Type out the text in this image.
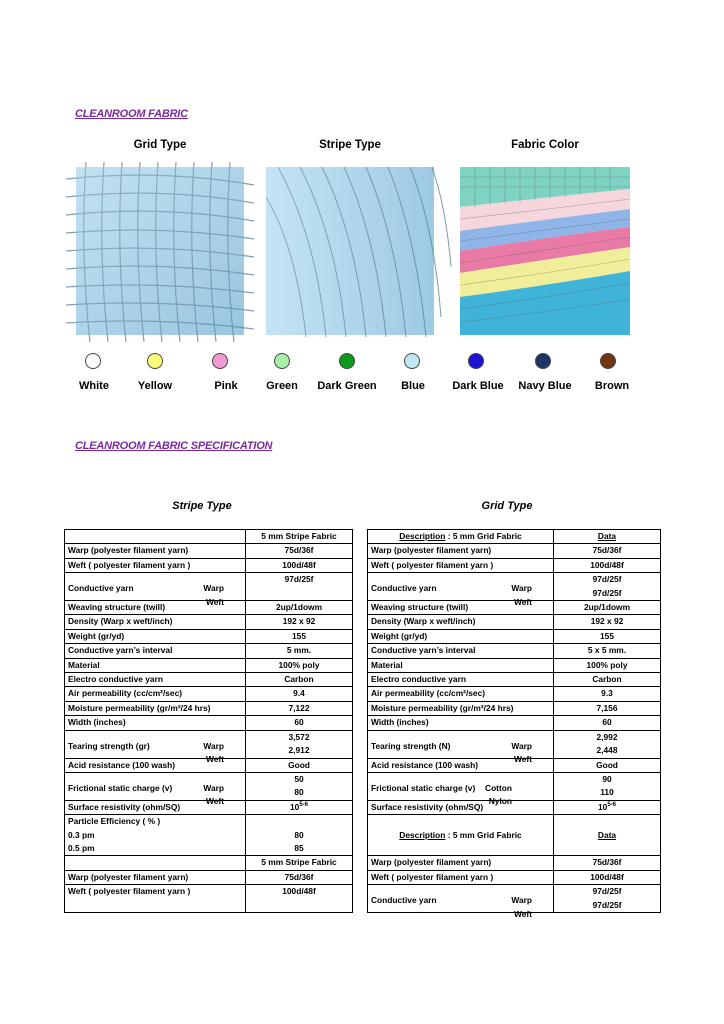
CLEANROOM FABRIC
Grid Type	Stripe Type	Fabric Color
White	Yellow	Pink	Green Dark Green Blue Dark Blue Navy Blue Brown
CLEANROOM FABRIC SPECIFICATION
Stripe Type	Grid Type
	5 mm Stripe Fabric
Warp (polyester filament yarn)	75d/36f
Weft ( polyester filament yarn )	100d/48f

Conductive yarn Warp	97d/25f

Weft	

Weaving structure (twill)	2up/1dowm
Density (Warp x weft/inch)	192 x 92
Weight (gr/yd)	155
Conductive yarn’s interval	5 mm.
Material	100% poly
Electro conductive yarn	Carbon
Air permeability (cc/cm²/sec)	9.4
Moisture permeability (gr/m²/24 hrs)	7,122
Width (inches)	60

Tearing strength (gr) Warp	3,572

Weft	2,912
Acid resistance (100 wash)	Good

Frictional static charge (v) Warp	50

Weft	80
Surface resistivity (ohm/SQ)	10$^{5-6}$
Particle Efficiency ( % )	
0.3 pm	80
0.5 pm	85
	5 mm Stripe Fabric
Warp (polyester filament yarn)	75d/36f
Weft ( polyester filament yarn )	100d/48f

Description : 5 mm Grid Fabric	Data
Warp (polyester filament yarn)	75d/36f
Weft ( polyester filament yarn )	100d/48f

Conductive yarn Warp	97d/25f

Weft	97d/25f
Weaving structure (twill)	2up/1dowm
Density (Warp x weft/inch)	192 x 92
Weight (gr/yd)	155
Conductive yarn’s interval	5 x 5 mm.
Material	100% poly
Electro conductive yarn	Carbon
Air permeability (cc/cm²/sec)	9.3
Moisture permeability (gr/m²/24 hrs)	7,156
Width (inches)	60

Tearing strength (N) Warp	2,992

Weft	2,448
Acid resistance (100 wash)	Good

Frictional static charge (v) Cotton	90

Nylon	110
Surface resistivity (ohm/SQ)	10$^{5-6}$

Description : 5 mm Grid Fabric	Data

Warp (polyester filament yarn)	75d/36f
Weft ( polyester filament yarn )	100d/48f

Conductive yarn Warp	97d/25f

Weft	97d/25f
